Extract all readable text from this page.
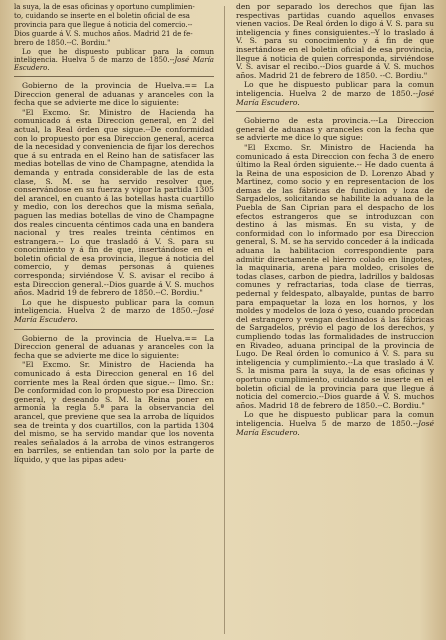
la suya, la de esas oficinas y oportuno cumplimien-

to, cuidando se inserte en el boletin oficial de esa

provincia para que llegue á noticia del comercio.--

Dios guarde á V. S. muchos años. Madrid 21 de fe-

brero de 1850.--C. Bordiu."

Lo que he dispuesto publicar para la comun inteligencia. Huelva 5 de marzo de 1850.--José María Escudero.

Gobierno de la provincia de Huelva.== La Direccion general de aduanas y aranceles con la fecha que se advierte me dice lo siguiente:

"El Excmo. Sr. Ministro de Hacienda ha comunicado á esta Direccion general, en 2 del actual, la Real órden que sigue.--De conformidad con lo propuesto por esa Direccion general, acerca de la necesidad y conveniencia de fijar los derechos que á su entrada en el Reino han de satisfacer las medias botellas de vino de Champagne, atendida la demanda y entrada considerable de las de esta clase, S. M. se ha servido resolver que, conservándose en su fuerza y vigor la partida 1305 del arancel, en cuanto á las botellas hasta cuartillo y medio, con los derechos que la misma señala, paguen las medias botellas de vino de Champagne dos reales cincuenta céntimos cada una en bandera nacional y tres reales treinta céntimos en estrangera.-- Lo que trasladó á V. S. para su conocimiento y á fin de que, insertándose en el boletin oficial de esa provincia, llegue á noticia del comercio, y demas personas á quienes corresponda; sirviéndose V. S. avisar el recibo á esta Direccion general.--Dios guarde á V. S. muchos años. Madrid 19 de febrero de 1850.--C. Bordiu."

Lo que he dispuesto publicar para la comun inteligencia. Huelva 2 de marzo de 1850.--José María Escudero.

Gobierno de la provincia de Huelva.== La Direccion general de aduanas y aranceles con la fecha que se advierte me dice lo siguiente:

"El Excmo. Sr. Ministro de Hacienda ha comunicado á esta Direccion general en 16 del corriente mes la Real órden que sigue.-- Ilmo. Sr.: De conformidad con lo propuesto por esa Direccion general, y deseando S. M. la Reina poner en armonía la regla 5.ª para la observancia del arancel, que previene que sea la arroba de líquidos sea de treinta y dos cuartillos, con la partida 1304 del mismo, se ha servido mandar que los noventa reales señalados á la arroba de vinos estrangeros en barriles, se entiendan tan solo por la parte de líquido, y que las pipas adeu-

den por separado los derechos que fijan las respectivas partidas cuando aquellos envases vienen vacios. De Real órden lo digo á V. S. para su inteligencia y fines consiguientes.--Y lo traslado á V. S. para su conocimiento y á fin de que insertándose en el boletin oficial de esa provincia, llegue á noticia de quien corresponda, sirviéndose V. S. avisar el recibo.--Dios guarde á V. S. muchos años. Madrid 21 de febrero de 1850. --C. Bordiu."

Lo que he dispuesto publicar para la comun inteligencia. Huelva 2 de marzo de 1850.--José María Escudero.

Gobierno de esta provincia.---La Direccion general de aduanas y aranceles con la fecha que se advierte me dice lo que sigue:

"El Excmo. Sr. Ministro de Hacienda ha comunicado á esta Direccion con fecha 3 de enero último la Real órden siguiente.-- He dado cuenta á la Reina de una esposicion de D. Lorenzo Abad y Martinez, como socio y en representacion de los demas de las fábricas de fundicion y loza de Sargadelos, solicitando se habilite la aduana de la Puebla de San Ciprian para el despacho de los efectos estrangeros que se introduzcan con destino á las mismas. En su vista, y de conformidad con lo informado por esa Direccion general, S. M. se ha servido conceder á la indicada aduana la habilitacion correspondiente para admitir directamente el hierro colado en lingotes, la maquinaria, arena para moldeo, crisoles de todas clases, carbon de piedra, ladrillos y baldosas comunes y refractarias, toda clase de tierras, pedernal y feldespato, albayalde, puntas de barro para empaquetar la loza en los hornos, y los moldes y modelos de loza ó yeso, cuando procedan del estrangero y vengan destinados á las fábricas de Sargadelos, prévio el pago de los derechos, y cumpliendo todas las formalidades de instruccion en Rivadeo, aduana principal de la provincia de Lugo. De Real órden lo comunico á V. S. para su inteligencia y cumplimiento.--La que traslado á V. S. la misma para la suya, la de esas oficinas y oportuno cumplimiento, cuidando se inserte en el boletin oficial de la provincia para que llegue á noticia del comercio.--Dios guarde á V. S. muchos años. Madrid 18 de febrero de 1850.--C. Bordiu."

Lo que he dispuesto publicar para la comun inteligencia. Huelva 5 de marzo de 1850.--José María Escudero.
